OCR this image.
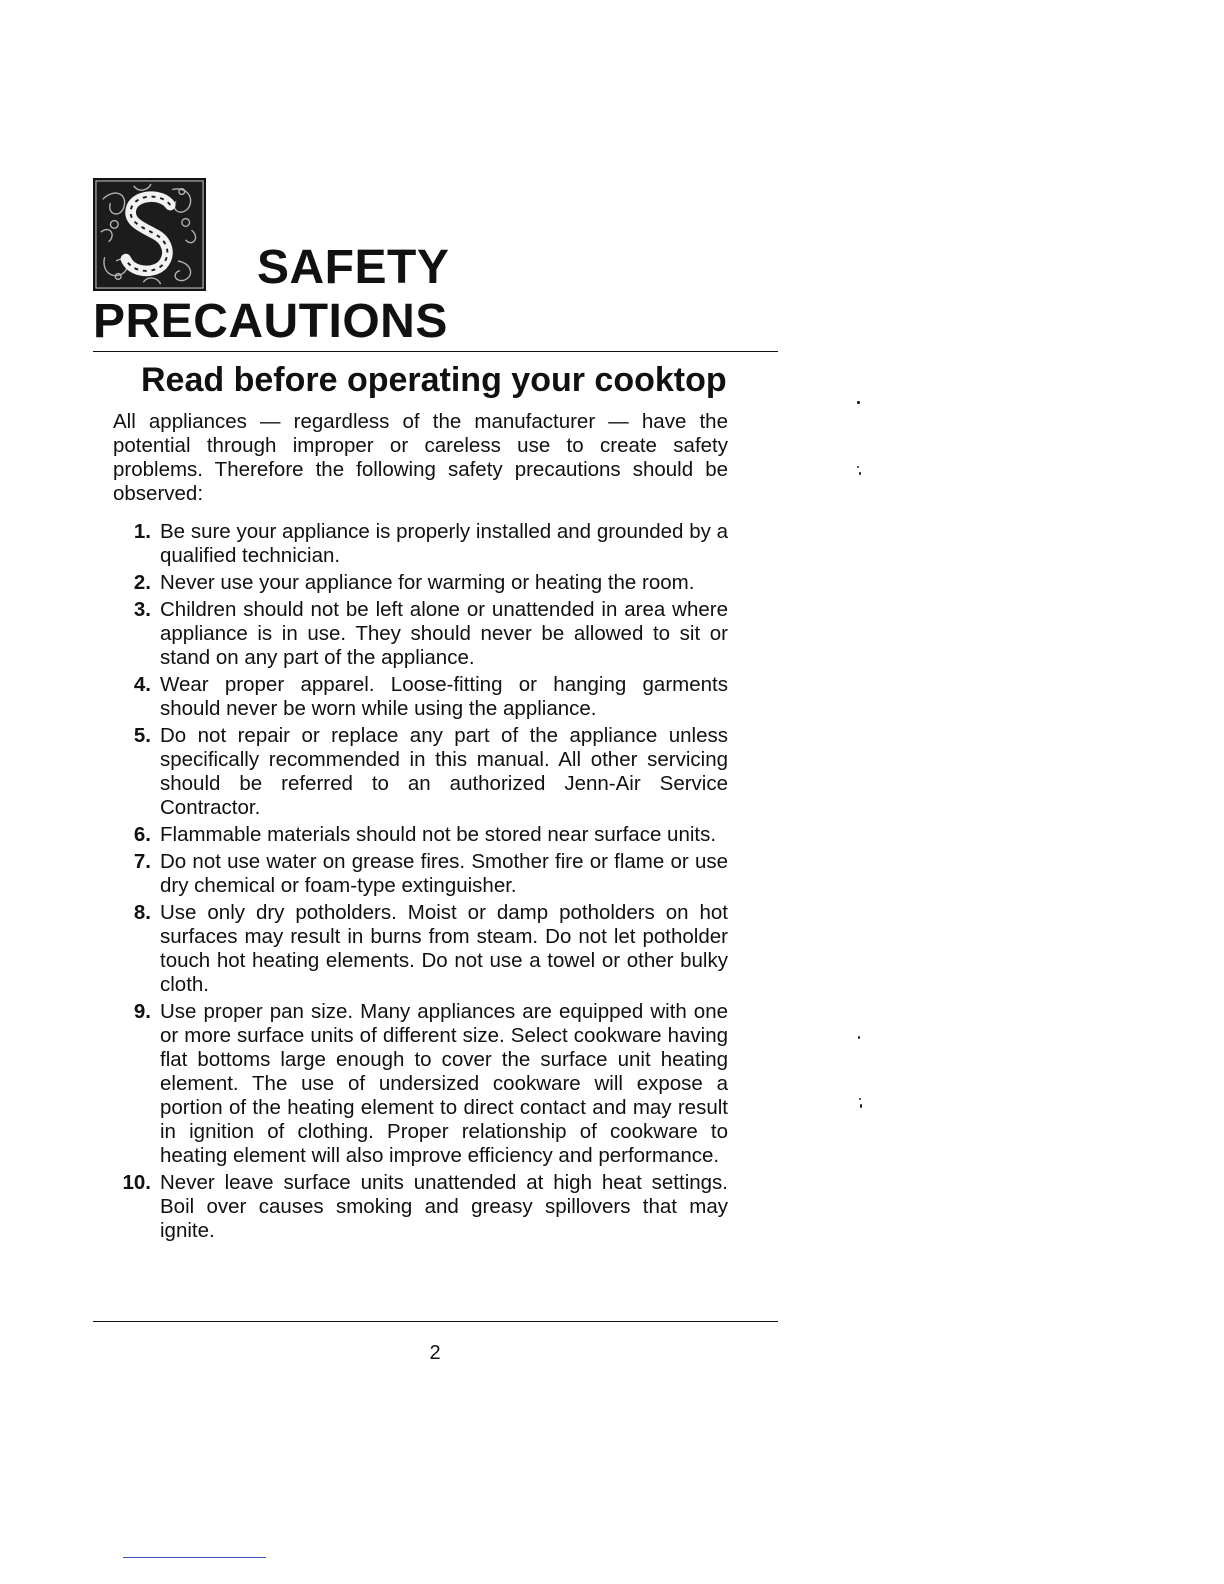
SAFETY
PRECAUTIONS
Read before operating your cooktop

All appliances — regardless of the manufacturer — have the potential through improper or careless use to create safety problems. Therefore the following safety precautions should be observed:

1. Be sure your appliance is properly installed and grounded by a qualified technician.
2. Never use your appliance for warming or heating the room.
3. Children should not be left alone or unattended in area where appliance is in use. They should never be allowed to sit or stand on any part of the appliance.
4. Wear proper apparel. Loose-fitting or hanging garments should never be worn while using the appliance.
5. Do not repair or replace any part of the appliance unless specifically recommended in this manual. All other servicing should be referred to an authorized Jenn-Air Service Contractor.
6. Flammable materials should not be stored near surface units.
7. Do not use water on grease fires. Smother fire or flame or use dry chemical or foam-type extinguisher.
8. Use only dry potholders. Moist or damp potholders on hot surfaces may result in burns from steam. Do not let potholder touch hot heating elements. Do not use a towel or other bulky cloth.
9. Use proper pan size. Many appliances are equipped with one or more surface units of different size. Select cookware having flat bottoms large enough to cover the surface unit heating element. The use of undersized cookware will expose a portion of the heating element to direct contact and may result in ignition of clothing. Proper relationship of cookware to heating element will also improve efficiency and performance.
10. Never leave surface units unattended at high heat settings. Boil over causes smoking and greasy spillovers that may ignite.
2
